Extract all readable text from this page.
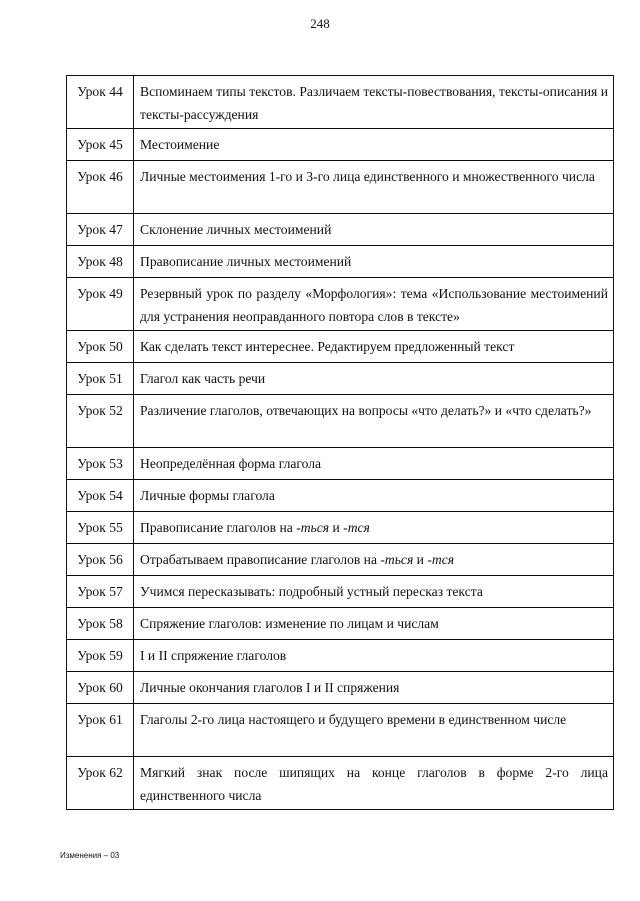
248
Урок 44	Вспоминаем типы текстов. Различаем тексты-повествования, тексты-описания и тексты-рассуждения
Урок 45	Местоимение
Урок 46	Личные местоимения 1-го и 3-го лица единственного и множественного числа
Урок 47	Склонение личных местоимений
Урок 48	Правописание личных местоимений
Урок 49	Резервный урок по разделу «Морфология»: тема «Использование местоимений для устранения неоправданного повтора слов в тексте»
Урок 50	Как сделать текст интереснее. Редактируем предложенный текст
Урок 51	Глагол как часть речи
Урок 52	Различение глаголов, отвечающих на вопросы «что делать?» и «что сделать?»
Урок 53	Неопределённая форма глагола
Урок 54	Личные формы глагола
Урок 55	Правописание глаголов на -ться и -тся
Урок 56	Отрабатываем правописание глаголов на -ться и -тся
Урок 57	Учимся пересказывать: подробный устный пересказ текста
Урок 58	Спряжение глаголов: изменение по лицам и числам
Урок 59	I и II спряжение глаголов
Урок 60	Личные окончания глаголов I и II спряжения
Урок 61	Глаголы 2-го лица настоящего и будущего времени в единственном числе
Урок 62	Мягкий знак после шипящих на конце глаголов в форме 2-го лица единственного числа
Изменения – 03
